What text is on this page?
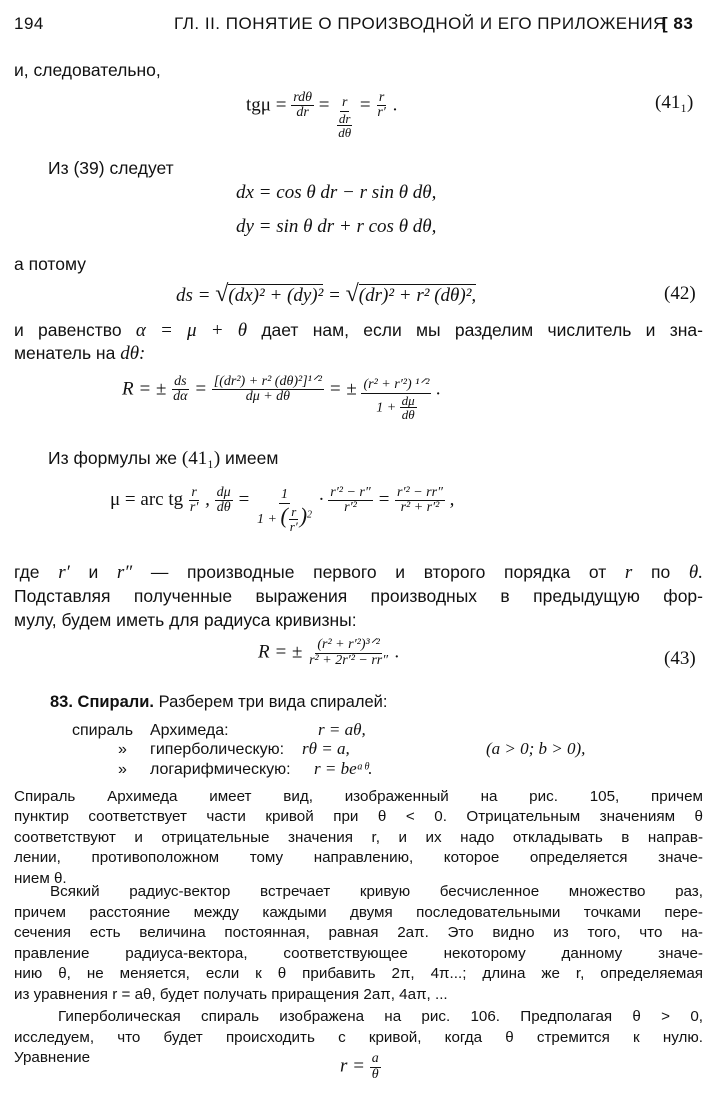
194	ГЛ. II. ПОНЯТИЕ О ПРОИЗВОДНОЙ И ЕГО ПРИЛОЖЕНИЯ
[ 83
и, следовательно,
$tg\mu = \frac{\text{rdθ}}{dr} = \frac{r}{\frac{dr}{d\theta}} = \frac{r}{r'}$ .	(41₁)
Из (39) следует
dx = cos θ dr − r sin θ dθ,
dy = sin θ dr + r cos θ dθ,
а потому
ds = √(dx)² + (dy)² = √(dr)² + r² (dθ)²,	(42)
и равенство α = μ + θ дает нам, если мы разделим числитель и зна-
менатель на dθ:
R = ± $\frac{ds}{d\alpha} = \frac{\text{[(dr²) + r² (dθ)²]¹ᐟ²}}{d\mu + d\theta}$ = ± $\frac{\text{(r² + r′²) ¹ᐟ²}}{1 + \frac{d\mu}{d\theta}}$ .
Из формулы же (41₁) имеем
μ = arc tg $\frac{r}{r'}$ , $\frac{d\mu}{d\theta} = \frac{1}{1 + ( \frac{r}{r'} )^2} \cdot \frac{\text{r′² − r″}}{\text{r′²}} = \frac{\text{r′² − rr″}}{\text{r² + r′²}}$ ,
где r′ и r″ — производные первого и второго порядка от r по θ.
Подставляя полученные выражения производных в предыдущую фор-
мулу, будем иметь для радиуса кривизны:
R = ± $\frac{\text{(r² + r′²)³ᐟ²}}{\text{r² + 2r′² − rr″}}$ .	(43)
83. Спирали. Разберем три вида спиралей:
спираль Архимеда:	r = aθ,
» гиперболическую: rθ = a,	(a > 0; b > 0),
» логарифмическую: r = beᵃᶿ.
Спираль Архимеда имеет вид, изображенный на рис. 105, причем
пунктир соответствует части кривой при θ < 0. Отрицательным значениям θ
соответствуют и отрицательные значения r, и их надо откладывать в направ-
лении, противоположном тому направлению, которое определяется значе-
нием θ.
Всякий радиус-вектор встречает кривую бесчисленное множество раз,
причем расстояние между каждыми двумя последовательными точками пере-
сечения есть величина постоянная, равная 2aπ. Это видно из того, что на-
правление радиуса-вектора, соответствующее некоторому данному значе-
нию θ, не меняется, если к θ прибавить 2π, 4π...; длина же r, определяемая
из уравнения r = aθ, будет получать приращения 2aπ, 4aπ, ...
Гиперболическая спираль изображена на рис. 106. Предполагая θ > 0,
исследуем, что будет происходить с кривой, когда θ стремится к нулю.
Уравнение	$r = \frac{a}{\theta}$
